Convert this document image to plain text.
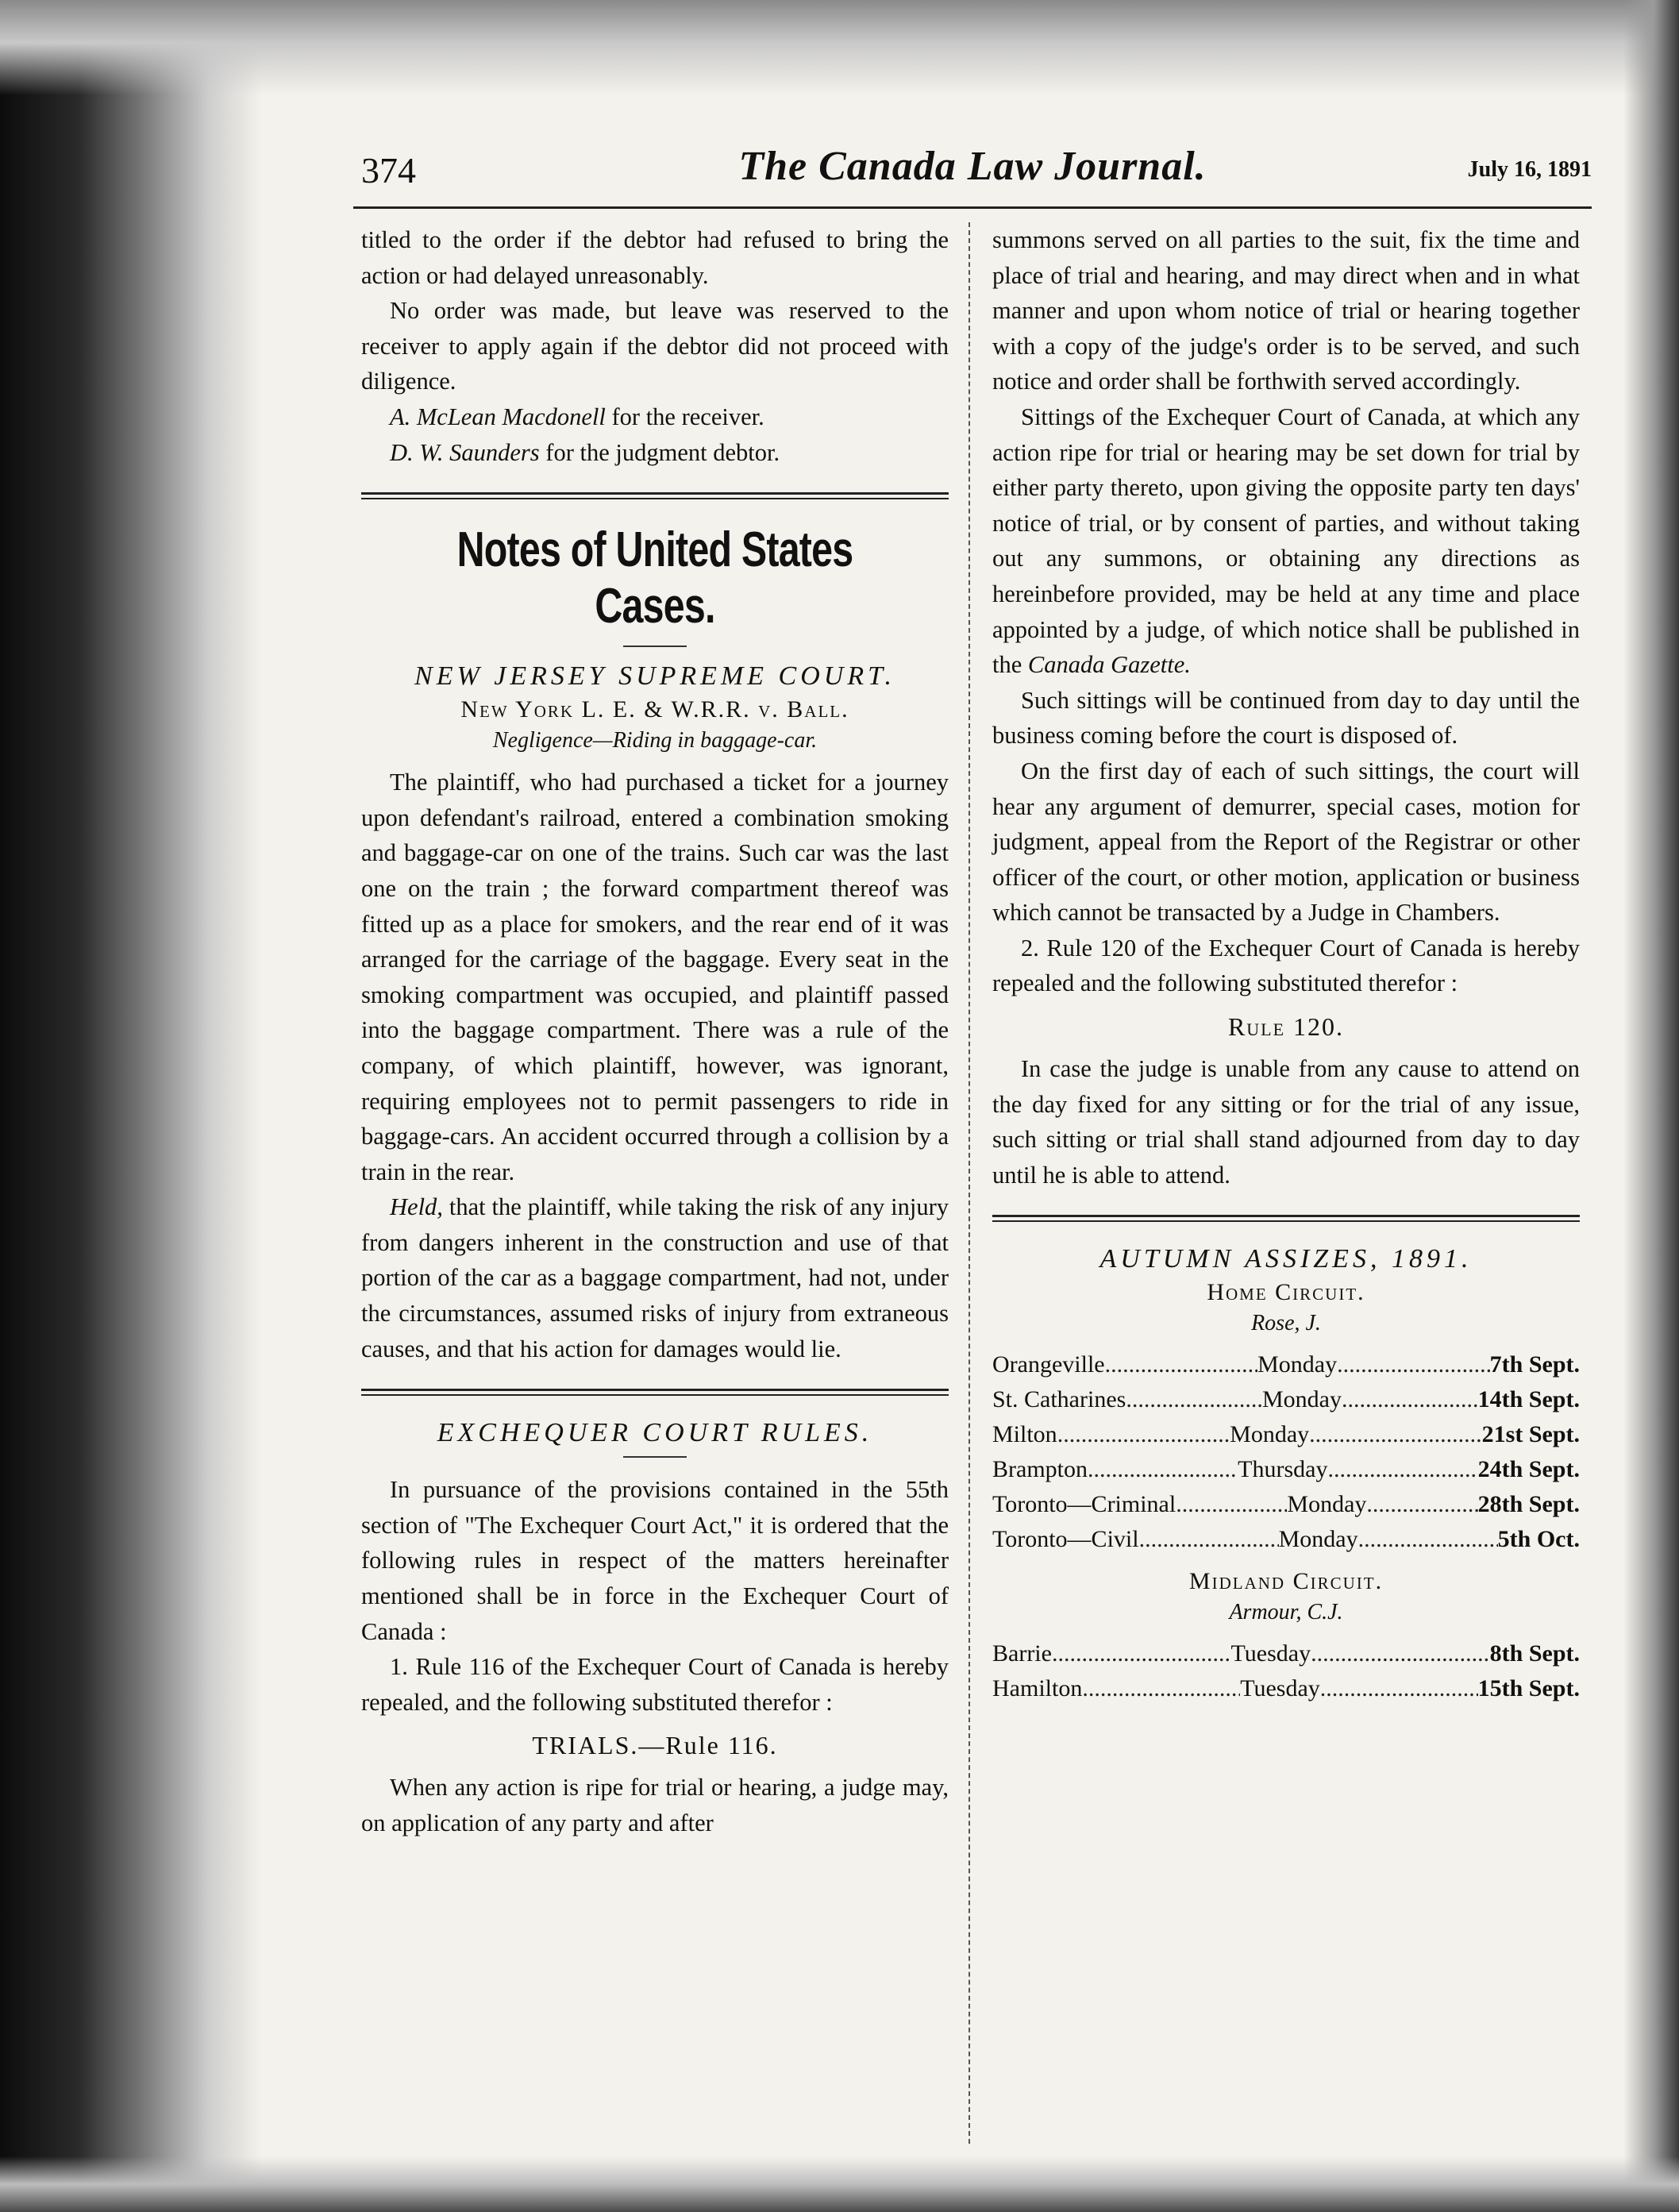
374	The Canada Law Journal.	July 16, 1891

titled to the order if the debtor had refused to bring the action or had delayed unreasonably.

No order was made, but leave was reserved to the receiver to apply again if the debtor did not proceed with diligence.

A. McLean Macdonell for the receiver.

D. W. Saunders for the judgment debtor.

Notes of United States Cases.
NEW JERSEY SUPREME COURT.
New York L. E. & W.R.R. v. Ball.
Negligence—Riding in baggage-car.

The plaintiff, who had purchased a ticket for a journey upon defendant's railroad, entered a combination smoking and baggage-car on one of the trains. Such car was the last one on the train ; the forward compartment thereof was fitted up as a place for smokers, and the rear end of it was arranged for the carriage of the baggage. Every seat in the smoking compartment was occupied, and plaintiff passed into the baggage compartment. There was a rule of the company, of which plaintiff, however, was ignorant, requiring employees not to permit passengers to ride in baggage-cars. An accident occurred through a collision by a train in the rear.

Held, that the plaintiff, while taking the risk of any injury from dangers inherent in the construction and use of that portion of the car as a baggage compartment, had not, under the circumstances, assumed risks of injury from extraneous causes, and that his action for damages would lie.

EXCHEQUER COURT RULES.

In pursuance of the provisions contained in the 55th section of "The Exchequer Court Act," it is ordered that the following rules in respect of the matters hereinafter mentioned shall be in force in the Exchequer Court of Canada :

1. Rule 116 of the Exchequer Court of Canada is hereby repealed, and the following substituted therefor :

TRIALS.—Rule 116.

When any action is ripe for trial or hearing, a judge may, on application of any party and after

summons served on all parties to the suit, fix the time and place of trial and hearing, and may direct when and in what manner and upon whom notice of trial or hearing together with a copy of the judge's order is to be served, and such notice and order shall be forthwith served accordingly.

Sittings of the Exchequer Court of Canada, at which any action ripe for trial or hearing may be set down for trial by either party thereto, upon giving the opposite party ten days' notice of trial, or by consent of parties, and without taking out any summons, or obtaining any directions as hereinbefore provided, may be held at any time and place appointed by a judge, of which notice shall be published in the Canada Gazette.

Such sittings will be continued from day to day until the business coming before the court is disposed of.

On the first day of each of such sittings, the court will hear any argument of demurrer, special cases, motion for judgment, appeal from the Report of the Registrar or other officer of the court, or other motion, application or business which cannot be transacted by a Judge in Chambers.

2. Rule 120 of the Exchequer Court of Canada is hereby repealed and the following substituted therefor :

Rule 120.

In case the judge is unable from any cause to attend on the day fixed for any sitting or for the trial of any issue, such sitting or trial shall stand adjourned from day to day until he is able to attend.

AUTUMN ASSIZES, 1891.
Home Circuit.
Rose, J.
Orangeville .....	Monday .....	7th Sept.
St. Catharines .....	Monday .....	14th Sept.
Milton .....	Monday .....	21st Sept.
Brampton .....	Thursday .....	24th Sept.
Toronto—Criminal .....	Monday .....	28th Sept.
Toronto—Civil .....	Monday .....	5th Oct.
Midland Circuit.
Armour, C.J.
Barrie .....	Tuesday .....	8th Sept.
Hamilton .....	Tuesday .....	15th Sept.
